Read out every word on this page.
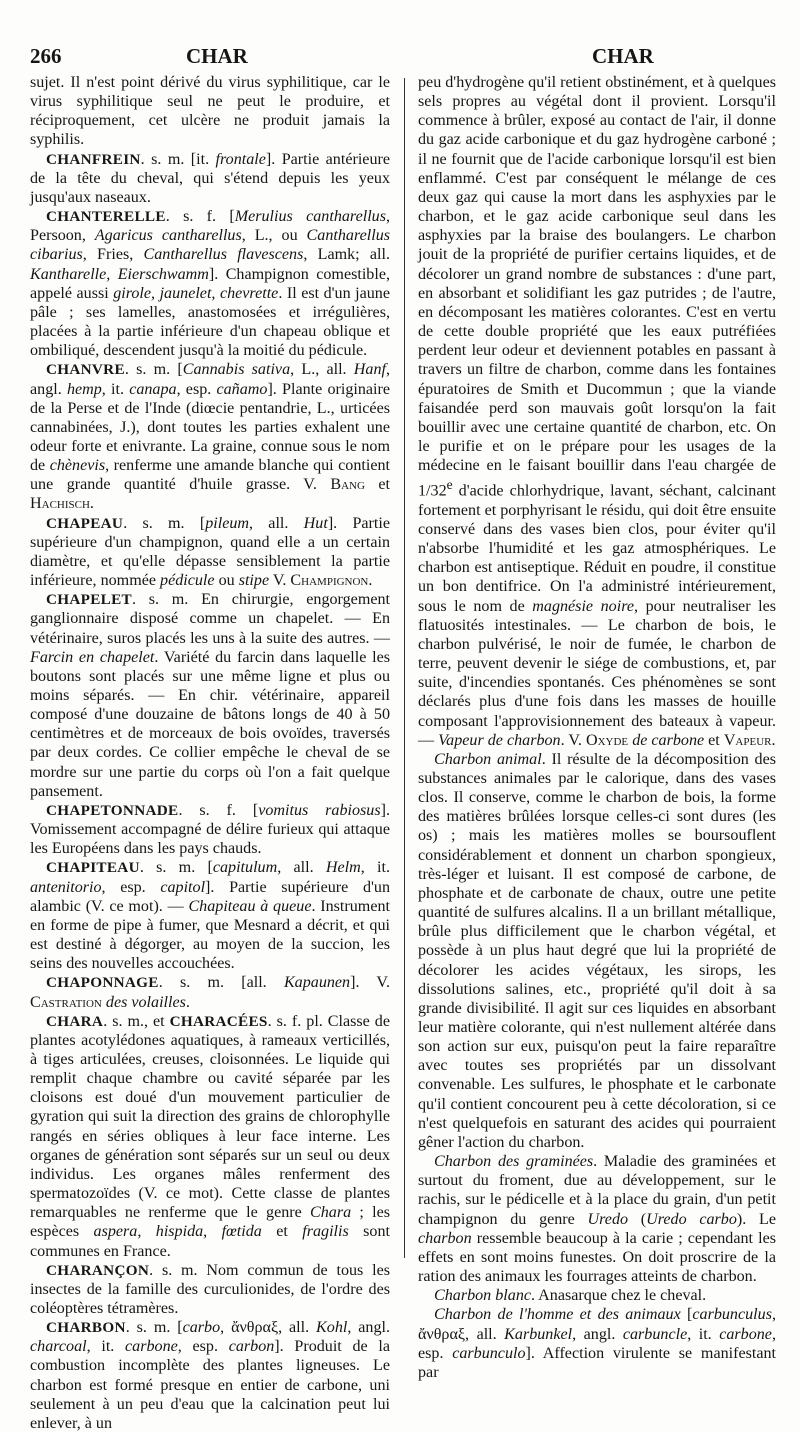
266	CHAR	CHAR

sujet. Il n'est point dérivé du virus syphilitique, car le virus syphilitique seul ne peut le produire, et réciproquement, cet ulcère ne produit jamais la syphilis.

CHANFREIN. s. m. [it. frontale]. Partie antérieure de la tête du cheval, qui s'étend depuis les yeux jusqu'aux naseaux.

CHANTERELLE. s. f. [Merulius cantharellus, Persoon, Agaricus cantharellus, L., ou Cantharellus cibarius, Fries, Cantharellus flavescens, Lamk; all. Kantharelle, Eierschwamm]. Champignon comestible, appelé aussi girole, jaunelet, chevrette. Il est d'un jaune pâle ; ses lamelles, anastomosées et irrégulières, placées à la partie inférieure d'un chapeau oblique et ombiliqué, descendent jusqu'à la moitié du pédicule.

CHANVRE. s. m. [Cannabis sativa, L., all. Hanf, angl. hemp, it. canapa, esp. cañamo]. Plante originaire de la Perse et de l'Inde (diœcie pentandrie, L., urticées cannabinées, J.), dont toutes les parties exhalent une odeur forte et enivrante. La graine, connue sous le nom de chènevis, renferme une amande blanche qui contient une grande quantité d'huile grasse. V. Bang et Hachisch.

CHAPEAU. s. m. [pileum, all. Hut]. Partie supérieure d'un champignon, quand elle a un certain diamètre, et qu'elle dépasse sensiblement la partie inférieure, nommée pédicule ou stipe V. Champignon.

CHAPELET. s. m. En chirurgie, engorgement ganglionnaire disposé comme un chapelet. — En vétérinaire, suros placés les uns à la suite des autres. — Farcin en chapelet. Variété du farcin dans laquelle les boutons sont placés sur une même ligne et plus ou moins séparés. — En chir. vétérinaire, appareil composé d'une douzaine de bâtons longs de 40 à 50 centimètres et de morceaux de bois ovoïdes, traversés par deux cordes. Ce collier empêche le cheval de se mordre sur une partie du corps où l'on a fait quelque pansement.

CHAPETONNADE. s. f. [vomitus rabiosus]. Vomissement accompagné de délire furieux qui attaque les Européens dans les pays chauds.

CHAPITEAU. s. m. [capitulum, all. Helm, it. antenitorio, esp. capitol]. Partie supérieure d'un alambic (V. ce mot). — Chapiteau à queue. Instrument en forme de pipe à fumer, que Mesnard a décrit, et qui est destiné à dégorger, au moyen de la succion, les seins des nouvelles accouchées.

CHAPONNAGE. s. m. [all. Kapaunen]. V. Castration des volailles.

CHARA. s. m., et CHARACÉES. s. f. pl. Classe de plantes acotylédones aquatiques, à rameaux verticillés, à tiges articulées, creuses, cloisonnées. Le liquide qui remplit chaque chambre ou cavité séparée par les cloisons est doué d'un mouvement particulier de gyration qui suit la direction des grains de chlorophylle rangés en séries obliques à leur face interne. Les organes de génération sont séparés sur un seul ou deux individus. Les organes mâles renferment des spermatozoïdes (V. ce mot). Cette classe de plantes remarquables ne renferme que le genre Chara ; les espèces aspera, hispida, fœtida et fragilis sont communes en France.

CHARANÇON. s. m. Nom commun de tous les insectes de la famille des curculionides, de l'ordre des coléoptères tétramères.

CHARBON. s. m. [carbo, ἄνθραξ, all. Kohl, angl. charcoal, it. carbone, esp. carbon]. Produit de la combustion incomplète des plantes ligneuses. Le charbon est formé presque en entier de carbone, uni seulement à un peu d'eau que la calcination peut lui enlever, à un

peu d'hydrogène qu'il retient obstinément, et à quelques sels propres au végétal dont il provient. Lorsqu'il commence à brûler, exposé au contact de l'air, il donne du gaz acide carbonique et du gaz hydrogène carboné ; il ne fournit que de l'acide carbonique lorsqu'il est bien enflammé. C'est par conséquent le mélange de ces deux gaz qui cause la mort dans les asphyxies par le charbon, et le gaz acide carbonique seul dans les asphyxies par la braise des boulangers. Le charbon jouit de la propriété de purifier certains liquides, et de décolorer un grand nombre de substances : d'une part, en absorbant et solidifiant les gaz putrides ; de l'autre, en décomposant les matières colorantes. C'est en vertu de cette double propriété que les eaux putréfiées perdent leur odeur et deviennent potables en passant à travers un filtre de charbon, comme dans les fontaines épuratoires de Smith et Ducommun ; que la viande faisandée perd son mauvais goût lorsqu'on la fait bouillir avec une certaine quantité de charbon, etc. On le purifie et on le prépare pour les usages de la médecine en le faisant bouillir dans l'eau chargée de 1/32e d'acide chlorhydrique, lavant, séchant, calcinant fortement et porphyrisant le résidu, qui doit être ensuite conservé dans des vases bien clos, pour éviter qu'il n'absorbe l'humidité et les gaz atmosphériques. Le charbon est antiseptique. Réduit en poudre, il constitue un bon dentifrice. On l'a administré intérieurement, sous le nom de magnésie noire, pour neutraliser les flatuosités intestinales. — Le charbon de bois, le charbon pulvérisé, le noir de fumée, le charbon de terre, peuvent devenir le siége de combustions, et, par suite, d'incendies spontanés. Ces phénomènes se sont déclarés plus d'une fois dans les masses de houille composant l'approvisionnement des bateaux à vapeur. — Vapeur de charbon. V. Oxyde de carbone et Vapeur.

Charbon animal. Il résulte de la décomposition des substances animales par le calorique, dans des vases clos. Il conserve, comme le charbon de bois, la forme des matières brûlées lorsque celles-ci sont dures (les os) ; mais les matières molles se boursouflent considérablement et donnent un charbon spongieux, très-léger et luisant. Il est composé de carbone, de phosphate et de carbonate de chaux, outre une petite quantité de sulfures alcalins. Il a un brillant métallique, brûle plus difficilement que le charbon végétal, et possède à un plus haut degré que lui la propriété de décolorer les acides végétaux, les sirops, les dissolutions salines, etc., propriété qu'il doit à sa grande divisibilité. Il agit sur ces liquides en absorbant leur matière colorante, qui n'est nullement altérée dans son action sur eux, puisqu'on peut la faire reparaître avec toutes ses propriétés par un dissolvant convenable. Les sulfures, le phosphate et le carbonate qu'il contient concourent peu à cette décoloration, si ce n'est quelquefois en saturant des acides qui pourraient gêner l'action du charbon.

Charbon des graminées. Maladie des graminées et surtout du froment, due au développement, sur le rachis, sur le pédicelle et à la place du grain, d'un petit champignon du genre Uredo (Uredo carbo). Le charbon ressemble beaucoup à la carie ; cependant les effets en sont moins funestes. On doit proscrire de la ration des animaux les fourrages atteints de charbon.

Charbon blanc. Anasarque chez le cheval.

Charbon de l'homme et des animaux [carbunculus, ἄνθραξ, all. Karbunkel, angl. carbuncle, it. carbone, esp. carbunculo]. Affection virulente se manifestant par
